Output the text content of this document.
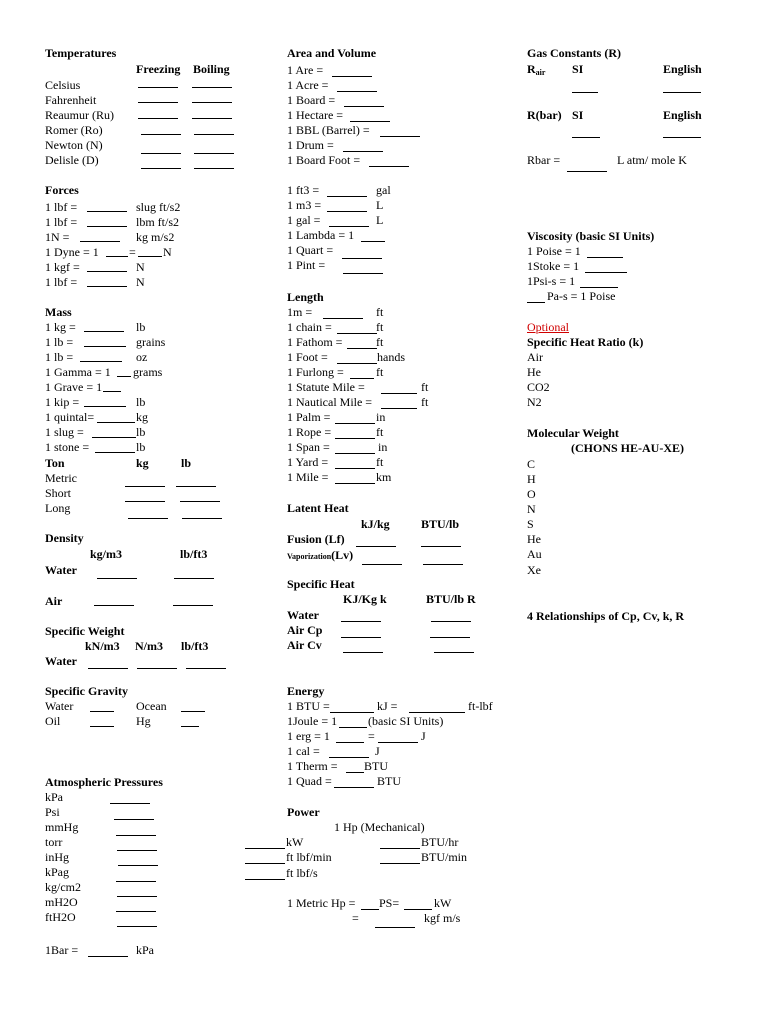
Temperatures
Freezing Boiling
Celsius
Fahrenheit
Reaumur (Ru)
Romer (Ro)
Newton (N)
Delisle (D)
Forces
1 lbf =	slug ft/s2
1 lbf =	lbm ft/s2
1N =	kg m/s2
1 Dyne = 1	= N
1 kgf =	N
1 lbf =	N
Mass
1 kg =	lb
1 lb =	grains
1 lb =	oz
1 Gamma = 1 grams
1 Grave = 1
1 kip =	lb
1 quintal=	kg
1 slug =	lb
1 stone =	lb
Ton	kg	lb
Metric
Short
Long
Density
kg/m3	lb/ft3
Water
Air
Specific Weight
kN/m3 N/m3 lb/ft3
Water
Specific Gravity
Water	Ocean
Oil	Hg
Atmospheric Pressures
kPa
Psi
mmHg
torr
inHg
kPag
kg/cm2
mH2O
ftH2O
1Bar =	kPa
Area and Volume
1 Are =
1 Acre =
1 Board =
1 Hectare =
1 BBL (Barrel) =
1 Drum =
1 Board Foot =
1 ft3 =	gal
1 m3 =	L
1 gal =	L
1 Lambda = 1
1 Quart =
1 Pint =
Length
1m =	ft
1 chain =	ft
1 Fathom =	ft
1 Foot =	hands
1 Furlong =	ft
1 Statute Mile =	ft
1 Nautical Mile =	ft
1 Palm =	in
1 Rope =	ft
1 Span =	in
1 Yard =	ft
1 Mile =	km
Latent Heat
kJ/kg	BTU/lb
Fusion (Lf)
Vaporization(Lv)
Specific Heat
KJ/Kg k	BTU/lb R
Water
Air Cp
Air Cv
Energy
1 BTU =	kJ =	ft-lbf
1Joule = 1	(basic SI Units)
1 erg = 1	=	J
1 cal =	J
1 Therm = BTU
1 Quad =	BTU
Power
1 Hp (Mechanical)
kW	BTU/hr
ft lbf/min	BTU/min
ft lbf/s
1 Metric Hp = PS=	kW
=	kgf m/s
Gas Constants (R)
$R_{air}$ SI	English
R(bar) SI	English
Rbar =	L atm/ mole K
Viscosity (basic SI Units)
1 Poise = 1
1Stoke = 1
1Psi-s = 1
Pa-s = 1 Poise
Optional
Specific Heat Ratio (k)
Air
He
CO2
N2
Molecular Weight
(CHONS HE-AU-XE)
C
H
O
N
S
He
Au
Xe
4 Relationships of Cp, Cv, k, R
